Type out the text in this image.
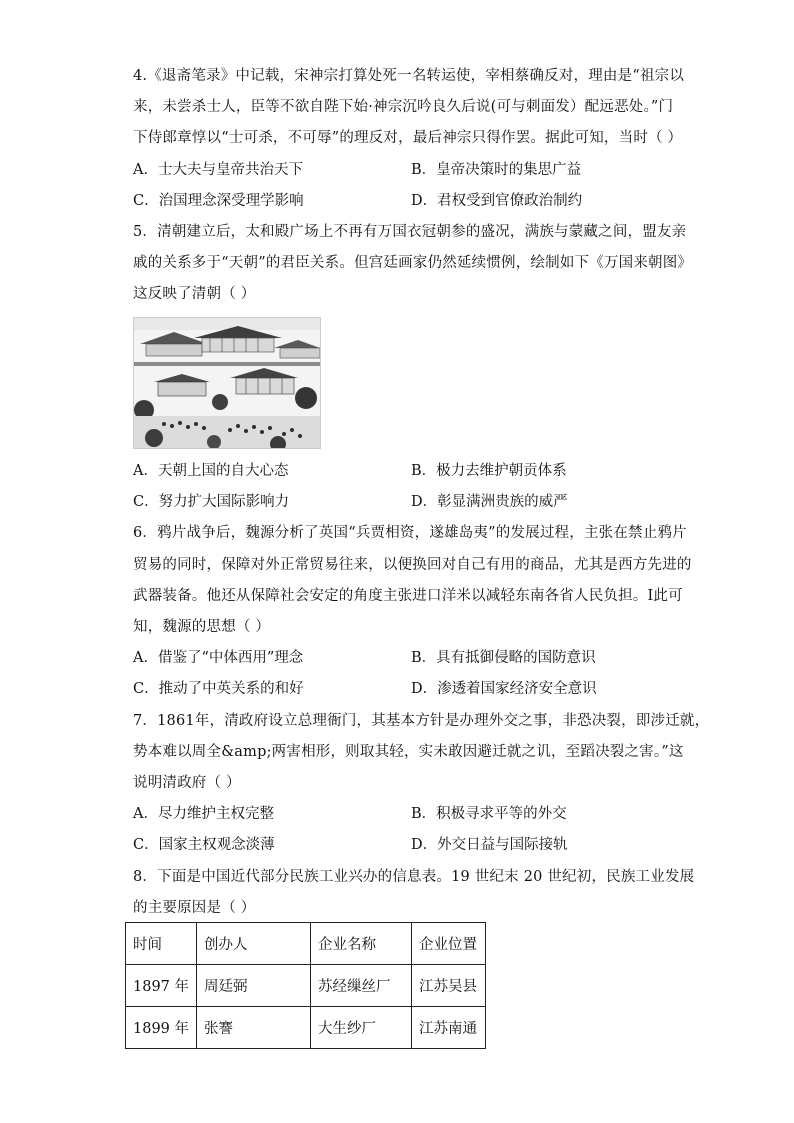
4.《退斋笔录》中记载，宋神宗打算处死一名转运使，宰相蔡确反对，理由是“祖宗以
来，未尝杀士人，臣等不欲自陛下始·神宗沉吟良久后说(可与刺面发）配远恶处。”门
下侍郎章惇以“士可杀，不可辱”的理反对，最后神宗只得作罢。据此可知，当时（ ）
A．士大夫与皇帝共治天下	B．皇帝决策时的集思广益
C．治国理念深受理学影响	D．君权受到官僚政治制约
5．清朝建立后，太和殿广场上不再有万国衣冠朝参的盛况，满族与蒙藏之间，盟友亲
戚的关系多于“天朝”的君臣关系。但宫廷画家仍然延续惯例，绘制如下《万国来朝图》
这反映了清朝（ ）
A．天朝上国的自大心态	B．极力去维护朝贡体系
C．努力扩大国际影响力	D．彰显满洲贵族的威严
6．鸦片战争后，魏源分析了英国“兵贾相资，遂雄岛夷”的发展过程，主张在禁止鸦片
贸易的同时，保障对外正常贸易往来，以便换回对自己有用的商品，尤其是西方先进的
武器装备。他还从保障社会安定的角度主张进口洋米以减轻东南各省人民负担。I此可
知，魏源的思想（ ）
A．借鉴了“中体西用”理念	B．具有抵御侵略的国防意识
C．推动了中英关系的和好	D．渗透着国家经济安全意识
7．1861年，清政府设立总理衙门，其基本方针是办理外交之事，非恐决裂，即涉迁就，
势本难以周全&amp;两害相形，则取其轻，实未敢因避迁就之讥，至蹈决裂之害。”这
说明清政府（ ）
A．尽力维护主权完整	B．积极寻求平等的外交
C．国家主权观念淡薄	D．外交日益与国际接轨
8．下面是中国近代部分民族工业兴办的信息表。19 世纪末 20 世纪初，民族工业发展
的主要原因是（ ）
时间	创办人	企业名称	企业位置
1897 年	周廷弼	苏经缫丝厂	江苏吴县
1899 年	张謇	大生纱厂	江苏南通
